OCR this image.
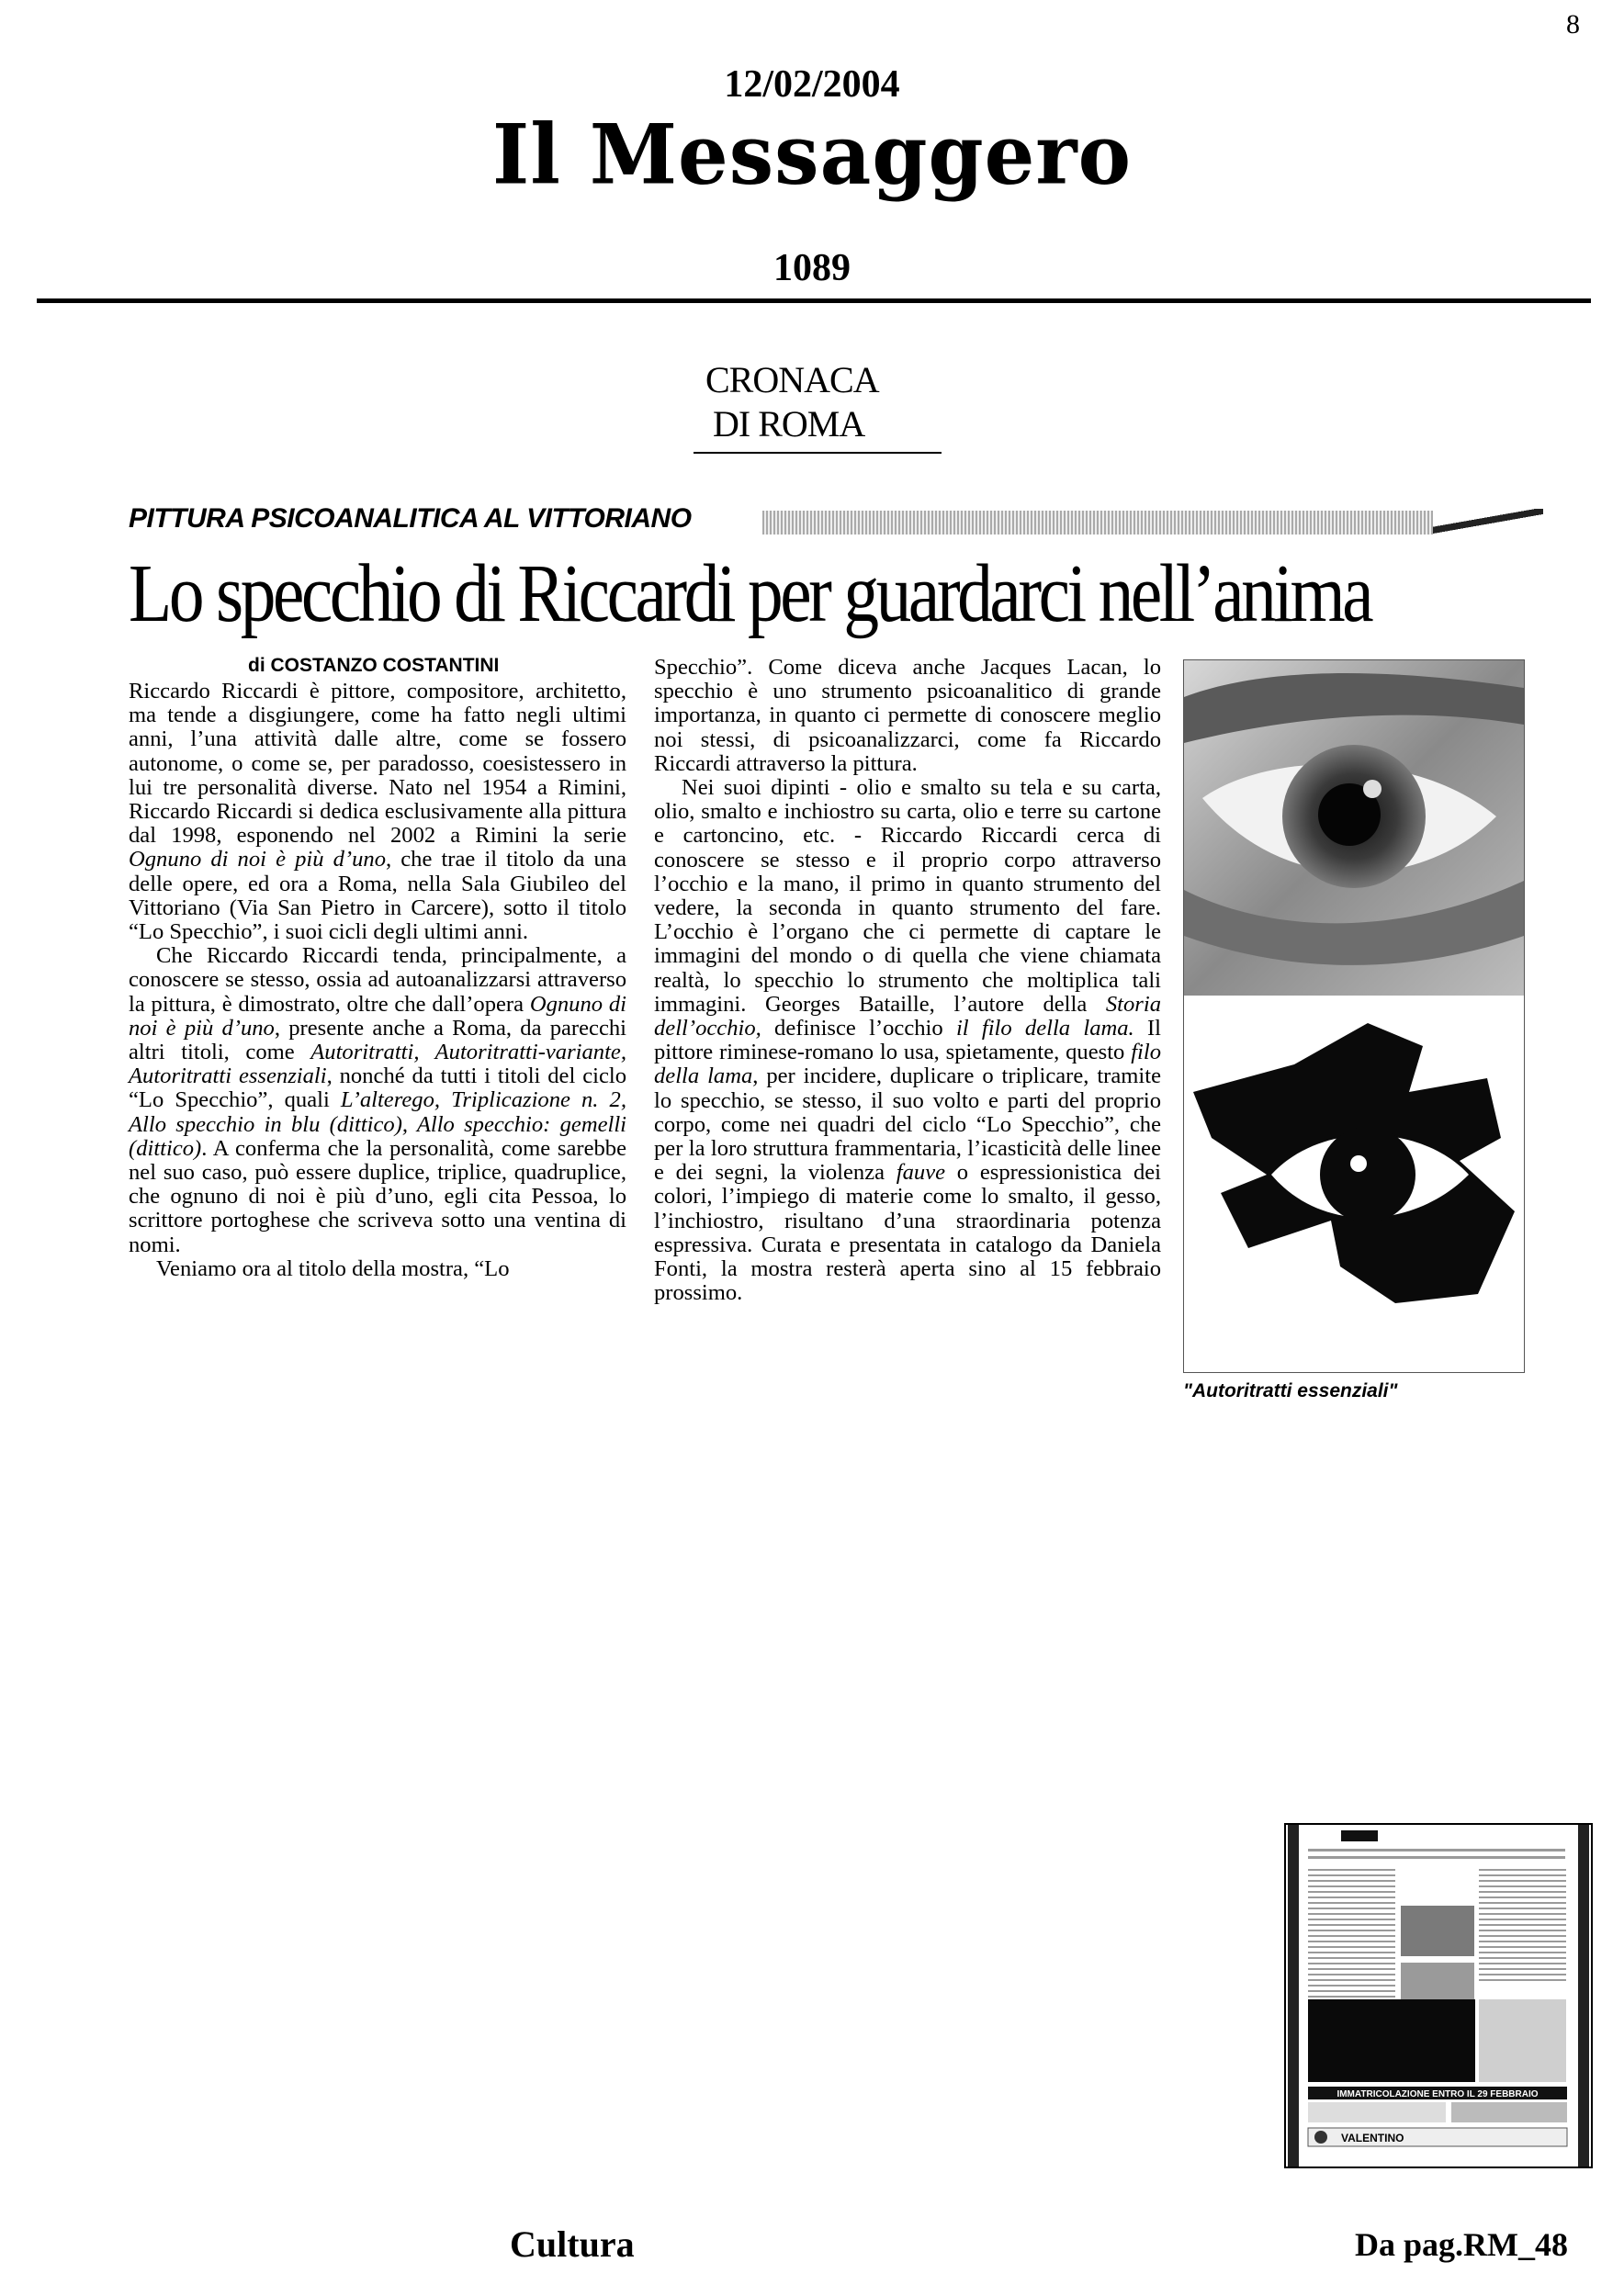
8
12/02/2004
Il Messaggero
1089
CRONACA
DI ROMA
PITTURA PSICOANALITICA AL VITTORIANO
Lo specchio di Riccardi per guardarci nell’anima
di COSTANZO COSTANTINI

Riccardo Riccardi è pittore, compositore, architetto, ma tende a disgiungere, come ha fatto negli ultimi anni, l’una attività dalle altre, come se fossero autonome, o come se, per paradosso, coesistessero in lui tre personalità diverse. Nato nel 1954 a Rimini, Riccardo Riccardi si dedica esclusivamente alla pittura dal 1998, esponendo nel 2002 a Rimini la serie Ognuno di noi è più d’uno, che trae il titolo da una delle opere, ed ora a Roma, nella Sala Giubileo del Vittoriano (Via San Pietro in Carcere), sotto il titolo “Lo Specchio”, i suoi cicli degli ultimi anni.

Che Riccardo Riccardi tenda, principalmente, a conoscere se stesso, ossia ad autoanalizzarsi attraverso la pittura, è dimostrato, oltre che dall’opera Ognuno di noi è più d’uno, presente anche a Roma, da parecchi altri titoli, come Autoritratti, Autoritratti-variante, Autoritratti essenziali, nonché da tutti i titoli del ciclo “Lo Specchio”, quali L’alterego, Triplicazione n. 2, Allo specchio in blu (dittico), Allo specchio: gemelli (dittico). A conferma che la personalità, come sarebbe nel suo caso, può essere duplice, triplice, quadruplice, che ognuno di noi è più d’uno, egli cita Pessoa, lo scrittore portoghese che scriveva sotto una ventina di nomi.

Veniamo ora al titolo della mostra, “Lo

Specchio”. Come diceva anche Jacques Lacan, lo specchio è uno strumento psicoanalitico di grande importanza, in quanto ci permette di conoscere meglio noi stessi, di psicoanalizzarci, come fa Riccardo Riccardi attraverso la pittura.

Nei suoi dipinti - olio e smalto su tela e su carta, olio, smalto e inchiostro su carta, olio e terre su cartone e cartoncino, etc. - Riccardo Riccardi cerca di conoscere se stesso e il proprio corpo attraverso l’occhio e la mano, il primo in quanto strumento del vedere, la seconda in quanto strumento del fare. L’occhio è l’organo che ci permette di captare le immagini del mondo o di quella che viene chiamata realtà, lo specchio lo strumento che moltiplica tali immagini. Georges Bataille, l’autore della Storia dell’occhio, definisce l’occhio il filo della lama. Il pittore riminese-romano lo usa, spietamente, questo filo della lama, per incidere, duplicare o triplicare, tramite lo specchio, se stesso, il suo volto e parti del proprio corpo, come nei quadri del ciclo “Lo Specchio”, che per la loro struttura frammentaria, l’icasticità delle linee e dei segni, la violenza fauve o espressionistica dei colori, l’impiego di materie come lo smalto, il gesso, l’inchiostro, risultano d’una straordinaria potenza espressiva. Curata e presentata in catalogo da Daniela Fonti, la mostra resterà aperta sino al 15 febbraio prossimo.

"Autoritratti essenziali"
IMMATRICOLAZIONE ENTRO IL 29 FEBBRAIO
VALENTINO
Cultura	Da pag.RM_48
